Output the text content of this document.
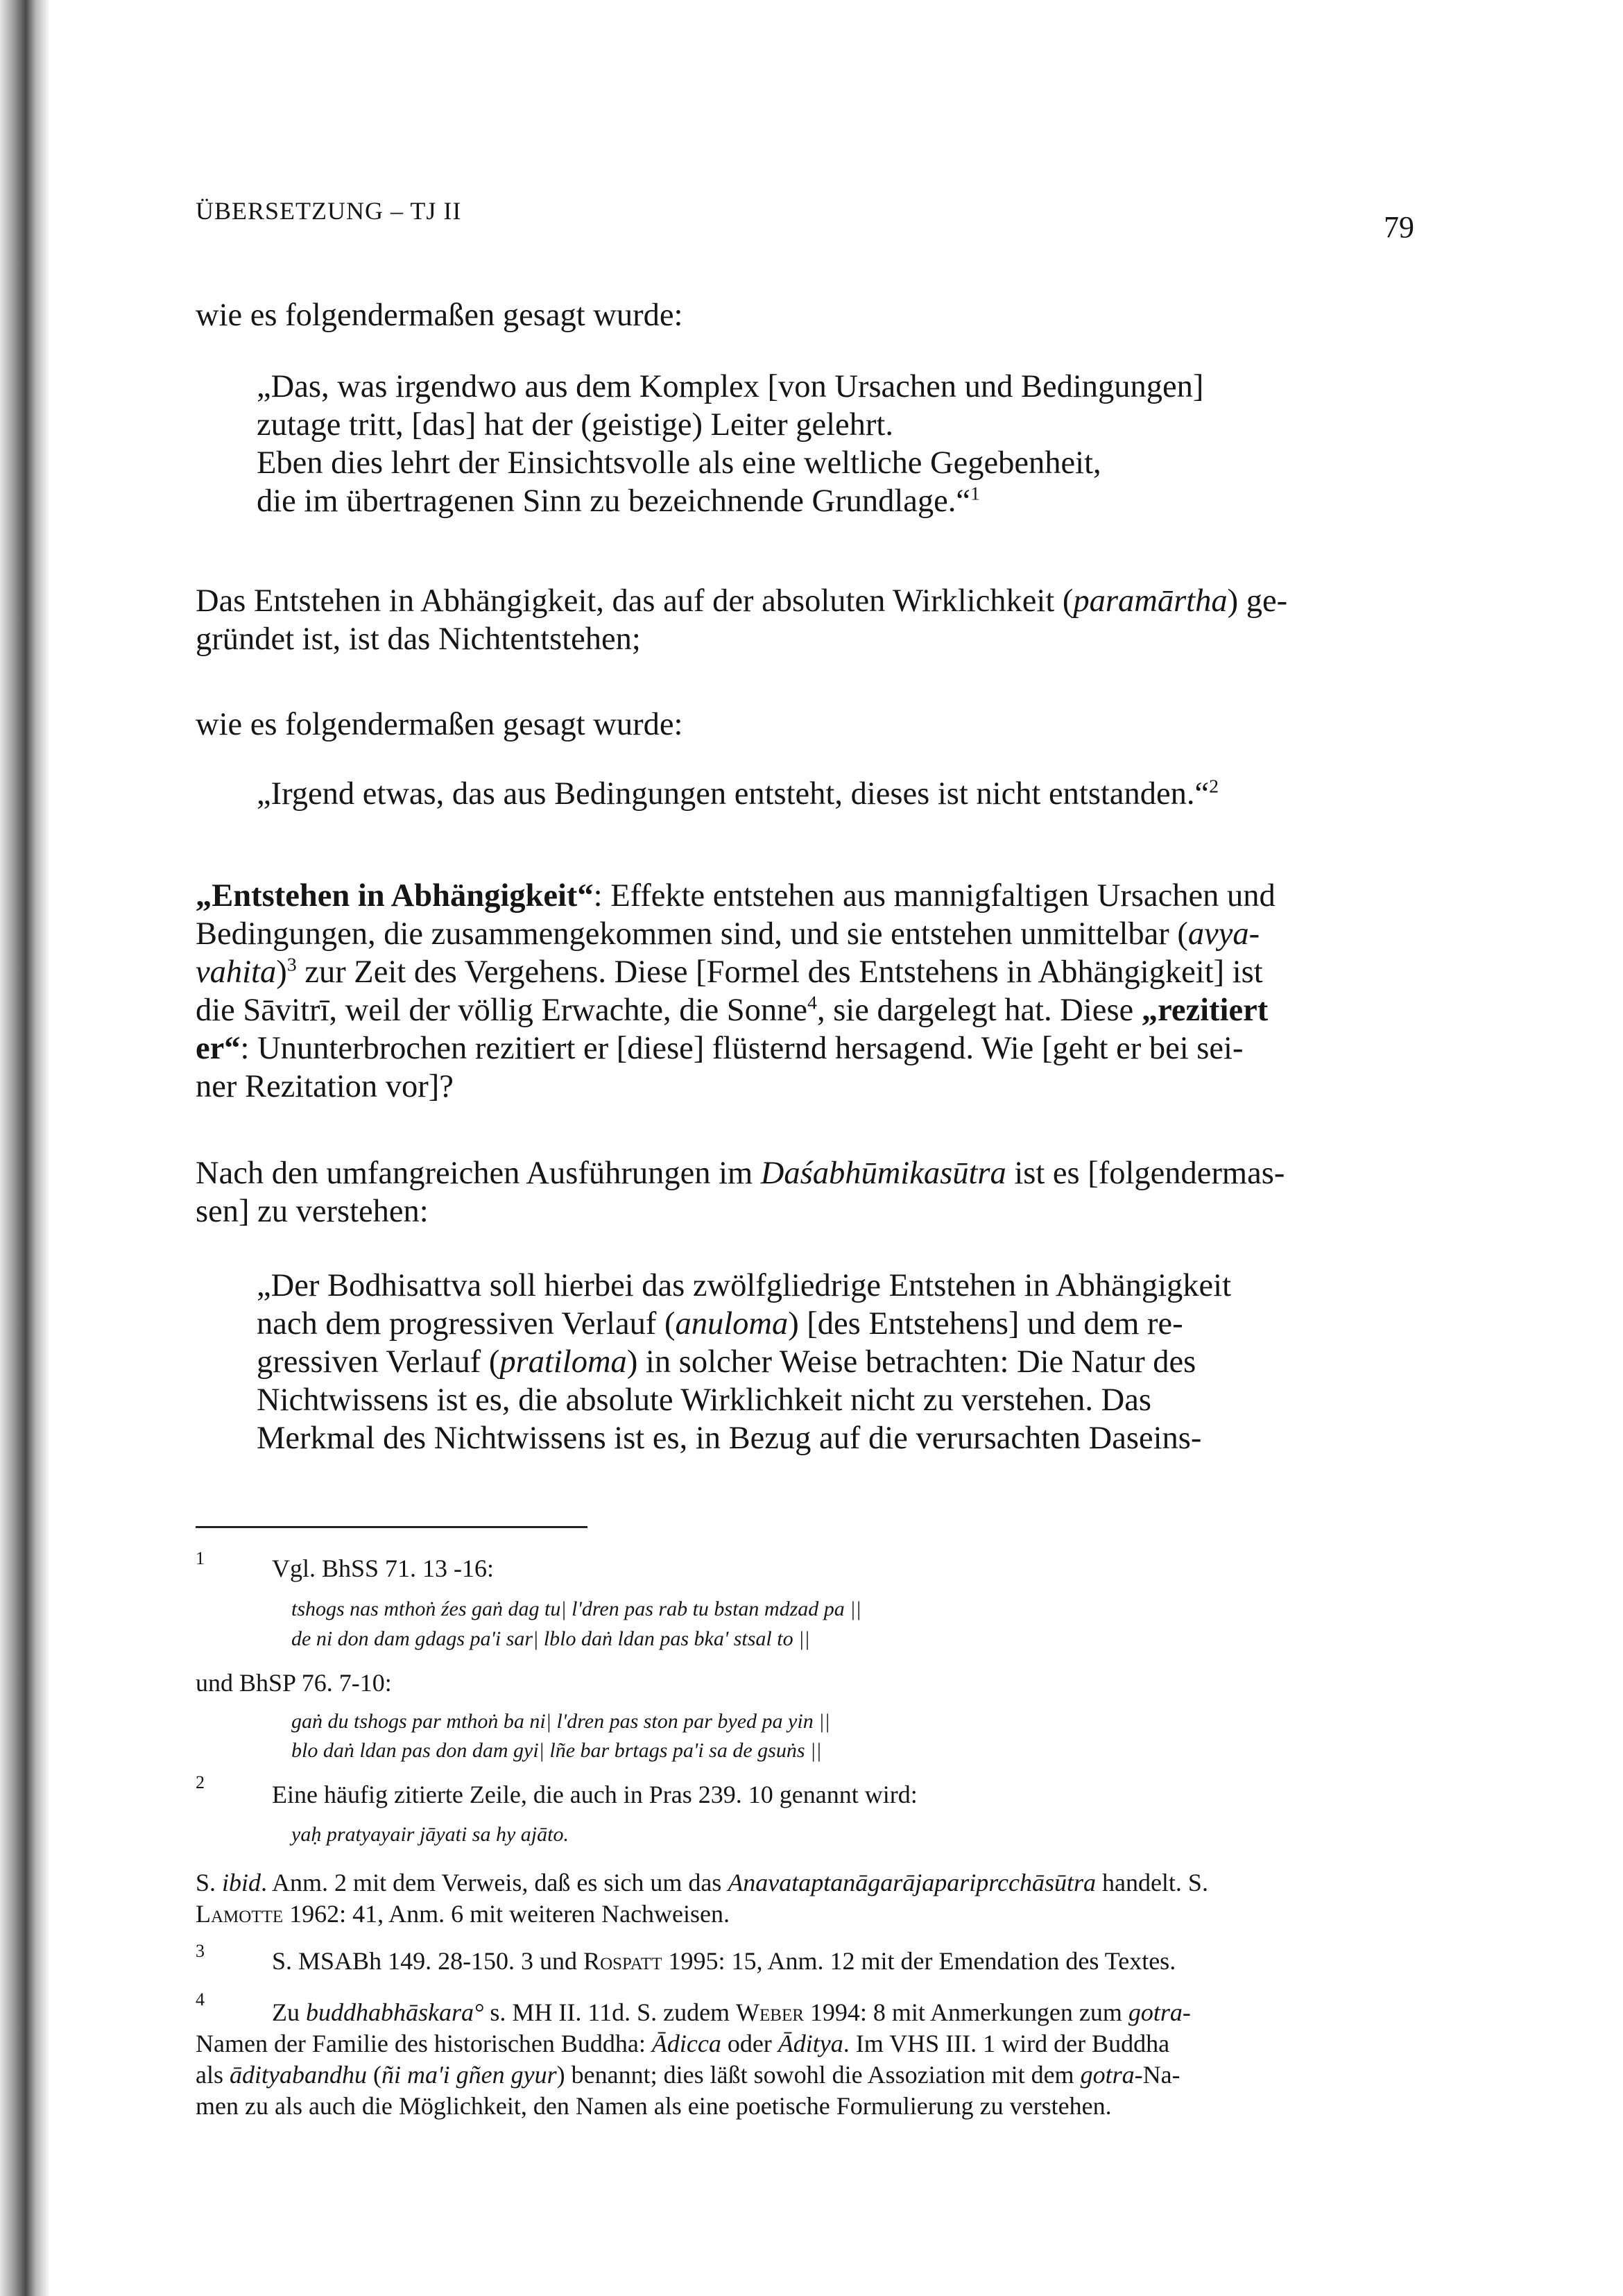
ÜBERSETZUNG – TJ II	79
wie es folgendermaßen gesagt wurde:
„Das, was irgendwo aus dem Komplex [von Ursachen und Bedingungen]
zutage tritt, [das] hat der (geistige) Leiter gelehrt.
Eben dies lehrt der Einsichtsvolle als eine weltliche Gegebenheit,
die im übertragenen Sinn zu bezeichnende Grundlage.“$^1$
Das Entstehen in Abhängigkeit, das auf der absoluten Wirklichkeit (paramārtha) ge-
gründet ist, ist das Nichtentstehen;
wie es folgendermaßen gesagt wurde:
„Irgend etwas, das aus Bedingungen entsteht, dieses ist nicht entstanden.“$^2$
„Entstehen in Abhängigkeit“: Effekte entstehen aus mannigfaltigen Ursachen und
Bedingungen, die zusammengekommen sind, und sie entstehen unmittelbar (avya-
vahita)$^3$ zur Zeit des Vergehens. Diese [Formel des Entstehens in Abhängigkeit] ist
die Sāvitrī, weil der völlig Erwachte, die Sonne$^4$, sie dargelegt hat. Diese „rezitiert
er“: Ununterbrochen rezitiert er [diese] flüsternd hersagend. Wie [geht er bei sei-
ner Rezitation vor]?
Nach den umfangreichen Ausführungen im Daśabhūmikasūtra ist es [folgendermas-
sen] zu verstehen:
„Der Bodhisattva soll hierbei das zwölfgliedrige Entstehen in Abhängigkeit
nach dem progressiven Verlauf (anuloma) [des Entstehens] und dem re-
gressiven Verlauf (pratiloma) in solcher Weise betrachten: Die Natur des
Nichtwissens ist es, die absolute Wirklichkeit nicht zu verstehen. Das
Merkmal des Nichtwissens ist es, in Bezug auf die verursachten Daseins-
1	Vgl. BhSS 71. 13 -16:
tshogs nas mthoṅ źes gaṅ dag tu| l'dren pas rab tu bstan mdzad pa ||
de ni don dam gdags pa'i sar| lblo daṅ ldan pas bka' stsal to ||
und BhSP 76. 7-10:
gaṅ du tshogs par mthoṅ ba ni| l'dren pas ston par byed pa yin ||
blo daṅ ldan pas don dam gyi| lñe bar brtags pa'i sa de gsuṅs ||
2	Eine häufig zitierte Zeile, die auch in Pras 239. 10 genannt wird:
yaḥ pratyayair jāyati sa hy ajāto.
S. ibid. Anm. 2 mit dem Verweis, daß es sich um das Anavataptanāgarājapariprcchāsūtra handelt. S.
Lamotte 1962: 41, Anm. 6 mit weiteren Nachweisen.
3	S. MSABh 149. 28-150. 3 und Rospatt 1995: 15, Anm. 12 mit der Emendation des Textes.
4	Zu buddhabhāskara° s. MH II. 11d. S. zudem Weber 1994: 8 mit Anmerkungen zum gotra-
Namen der Familie des historischen Buddha: Ādicca oder Āditya. Im VHS III. 1 wird der Buddha
als ādityabandhu (ñi ma'i gñen gyur) benannt; dies läßt sowohl die Assoziation mit dem gotra-Na-
men zu als auch die Möglichkeit, den Namen als eine poetische Formulierung zu verstehen.
